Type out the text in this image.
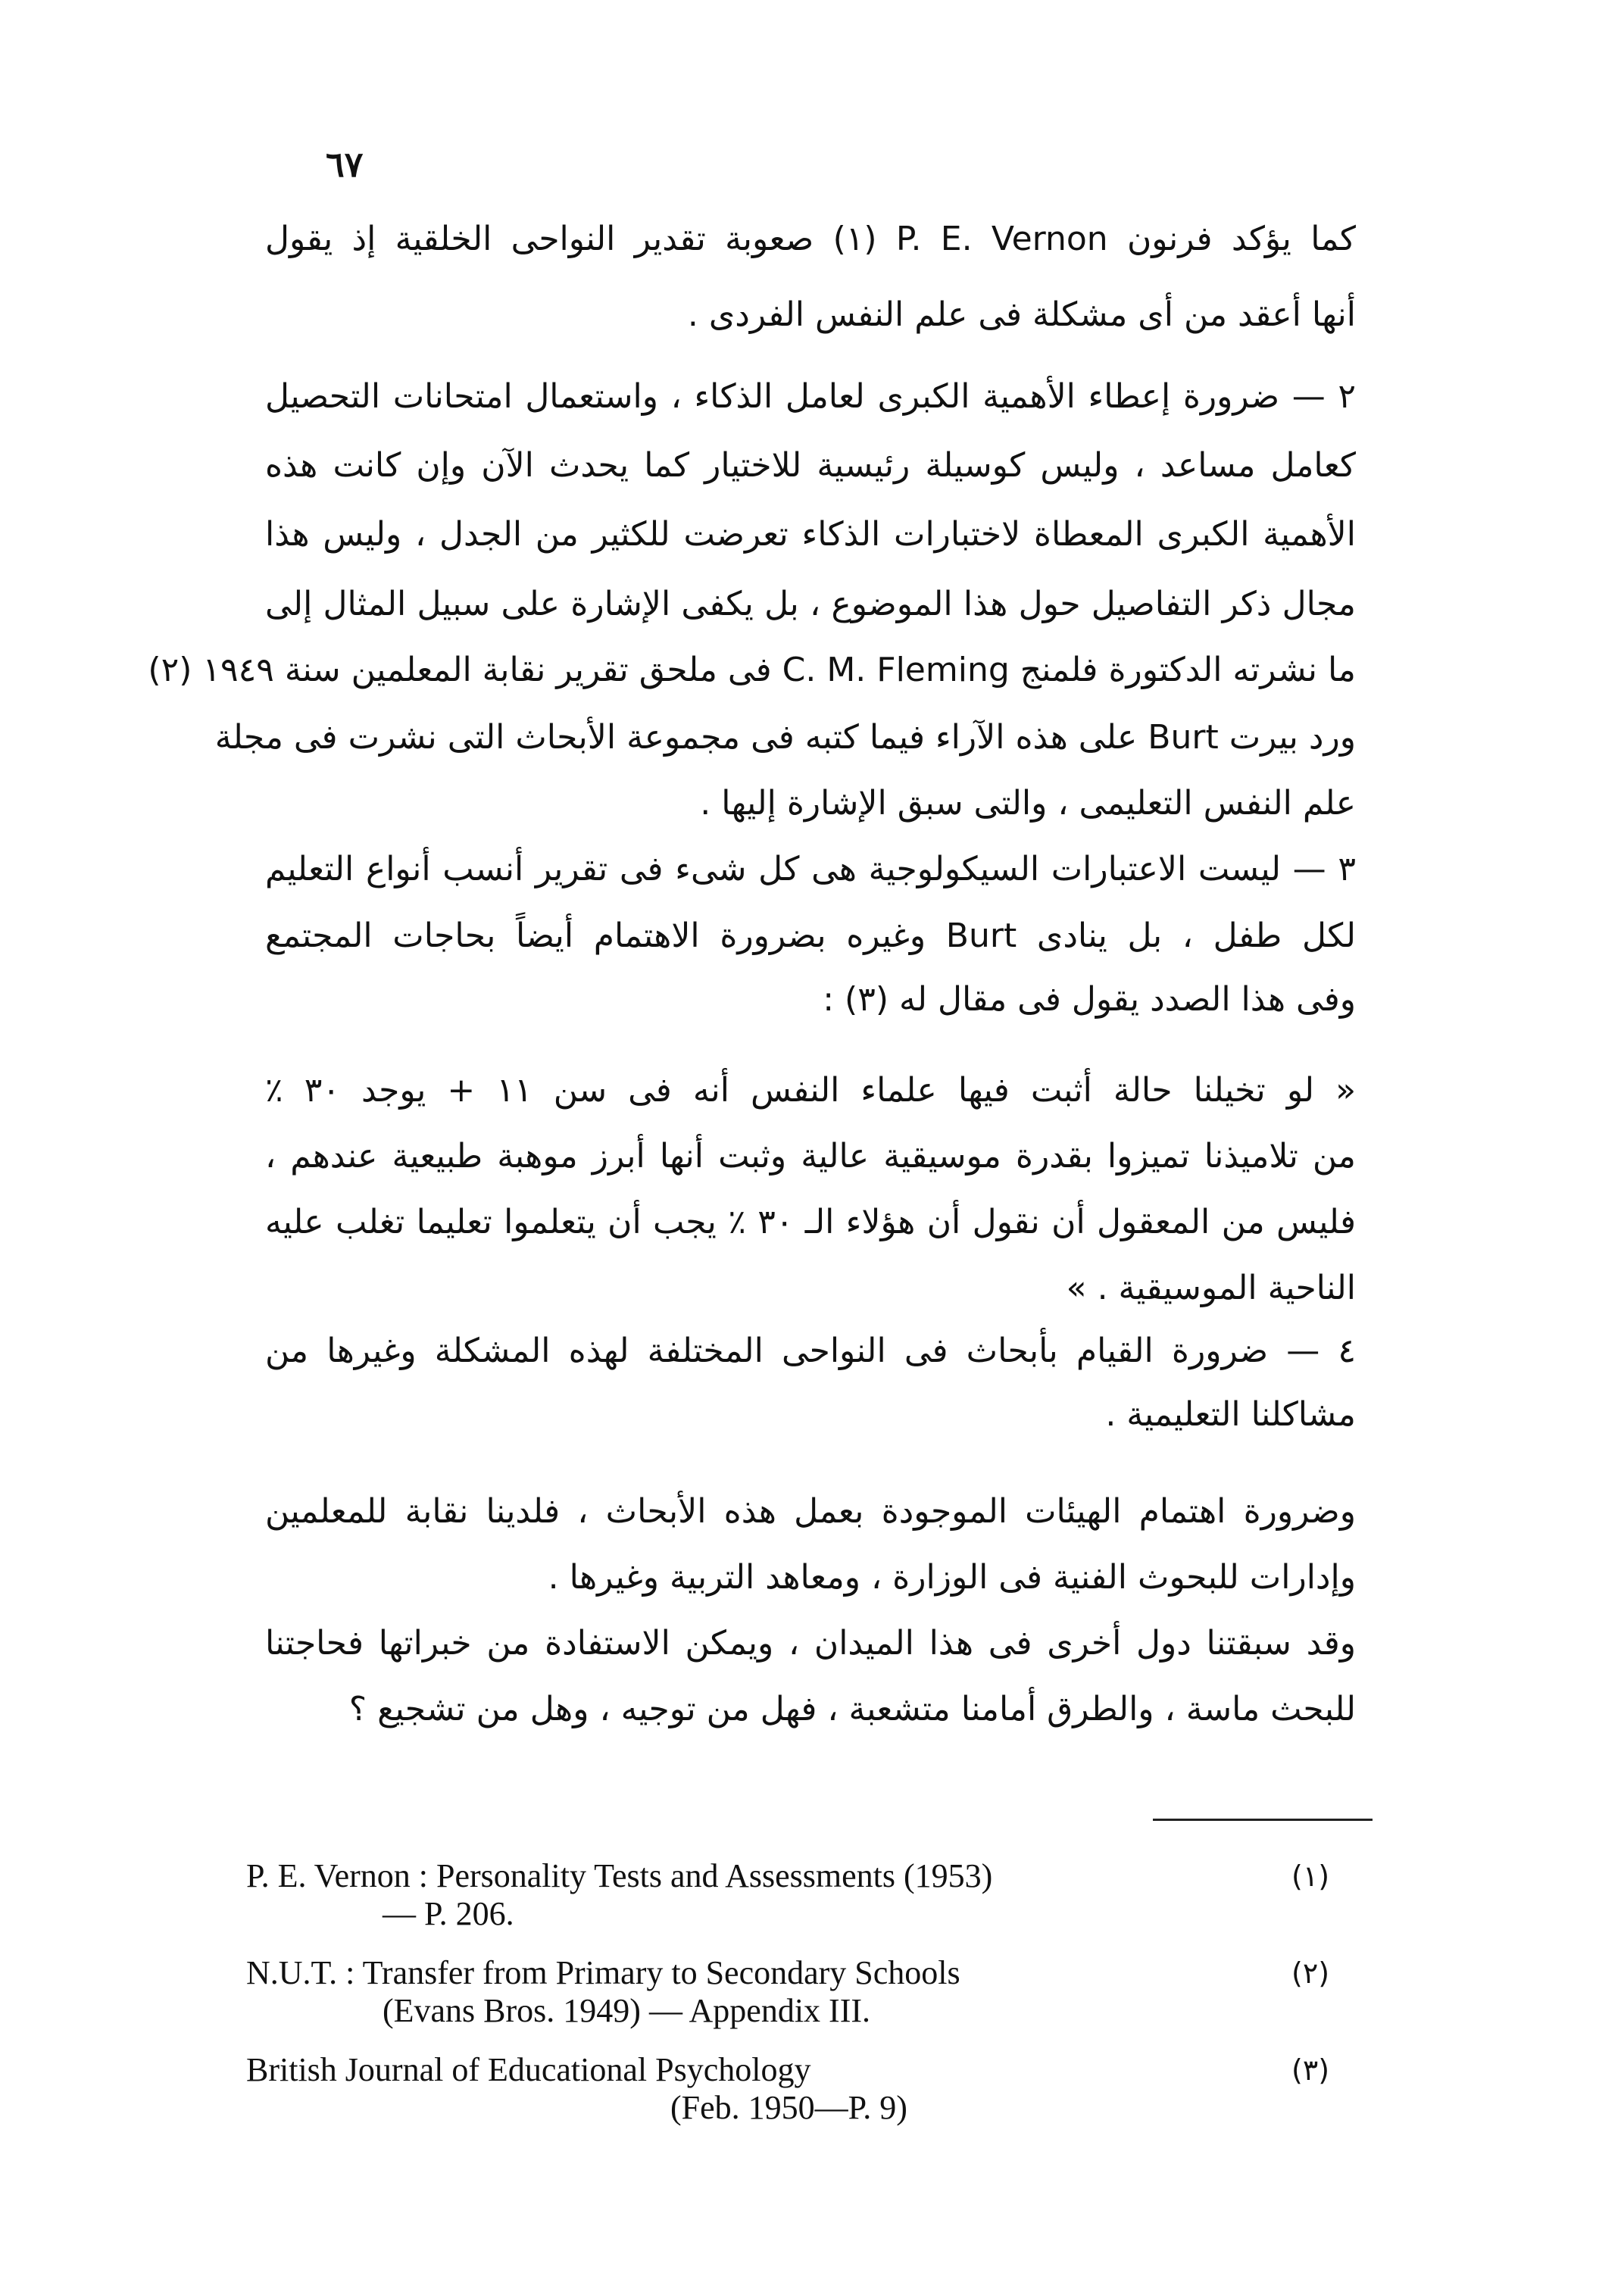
٦٧
كما يؤكد فرنون P. E. Vernon (١) صعوبة تقدير النواحى الخلقية إذ يقول
أنها أعقد من أى مشكلة فى علم النفس الفردى .
٢ — ضرورة إعطاء الأهمية الكبرى لعامل الذكاء ، واستعمال امتحانات التحصيل
كعامل مساعد ، وليس كوسيلة رئيسية للاختيار كما يحدث الآن وإن كانت هذه
الأهمية الكبرى المعطاة لاختبارات الذكاء تعرضت للكثير من الجدل ، وليس هذا
مجال ذكر التفاصيل حول هذا الموضوع ، بل يكفى الإشارة على سبيل المثال إلى
ما نشرته الدكتورة فلمنج C. M. Fleming فى ملحق تقرير نقابة المعلمين سنة ١٩٤٩ (٢)
ورد بيرت Burt على هذه الآراء فيما كتبه فى مجموعة الأبحاث التى نشرت فى مجلة
علم النفس التعليمى ، والتى سبق الإشارة إليها .
٣ — ليست الاعتبارات السيكولوجية هى كل شىء فى تقرير أنسب أنواع التعليم
لكل طفل ، بل ينادى Burt وغيره بضرورة الاهتمام أيضاً بحاجات المجتمع
وفى هذا الصدد يقول فى مقال له (٣) :
« لو تخيلنا حالة أثبت فيها علماء النفس أنه فى سن ١١ + يوجد ٣٠ ٪
من تلاميذنا تميزوا بقدرة موسيقية عالية وثبت أنها أبرز موهبة طبيعية عندهم ،
فليس من المعقول أن نقول أن هؤلاء الـ ٣٠ ٪ يجب أن يتعلموا تعليما تغلب عليه
الناحية الموسيقية . »
٤ — ضرورة القيام بأبحاث فى النواحى المختلفة لهذه المشكلة وغيرها من
مشاكلنا التعليمية .
وضرورة اهتمام الهيئات الموجودة بعمل هذه الأبحاث ، فلدينا نقابة للمعلمين
وإدارات للبحوث الفنية فى الوزارة ، ومعاهد التربية وغيرها .
وقد سبقتنا دول أخرى فى هذا الميدان ، ويمكن الاستفادة من خبراتها فحاجتنا
للبحث ماسة ، والطرق أمامنا متشعبة ، فهل من توجيه ، وهل من تشجيع ؟
P. E. Vernon : Personality Tests and Assessments (1953)	(١)
— P. 206.
N.U.T. : Transfer from Primary to Secondary Schools	(٢)
(Evans Bros. 1949) — Appendix III.
British Journal of Educational Psychology	(٣)
(Feb. 1950—P. 9)
